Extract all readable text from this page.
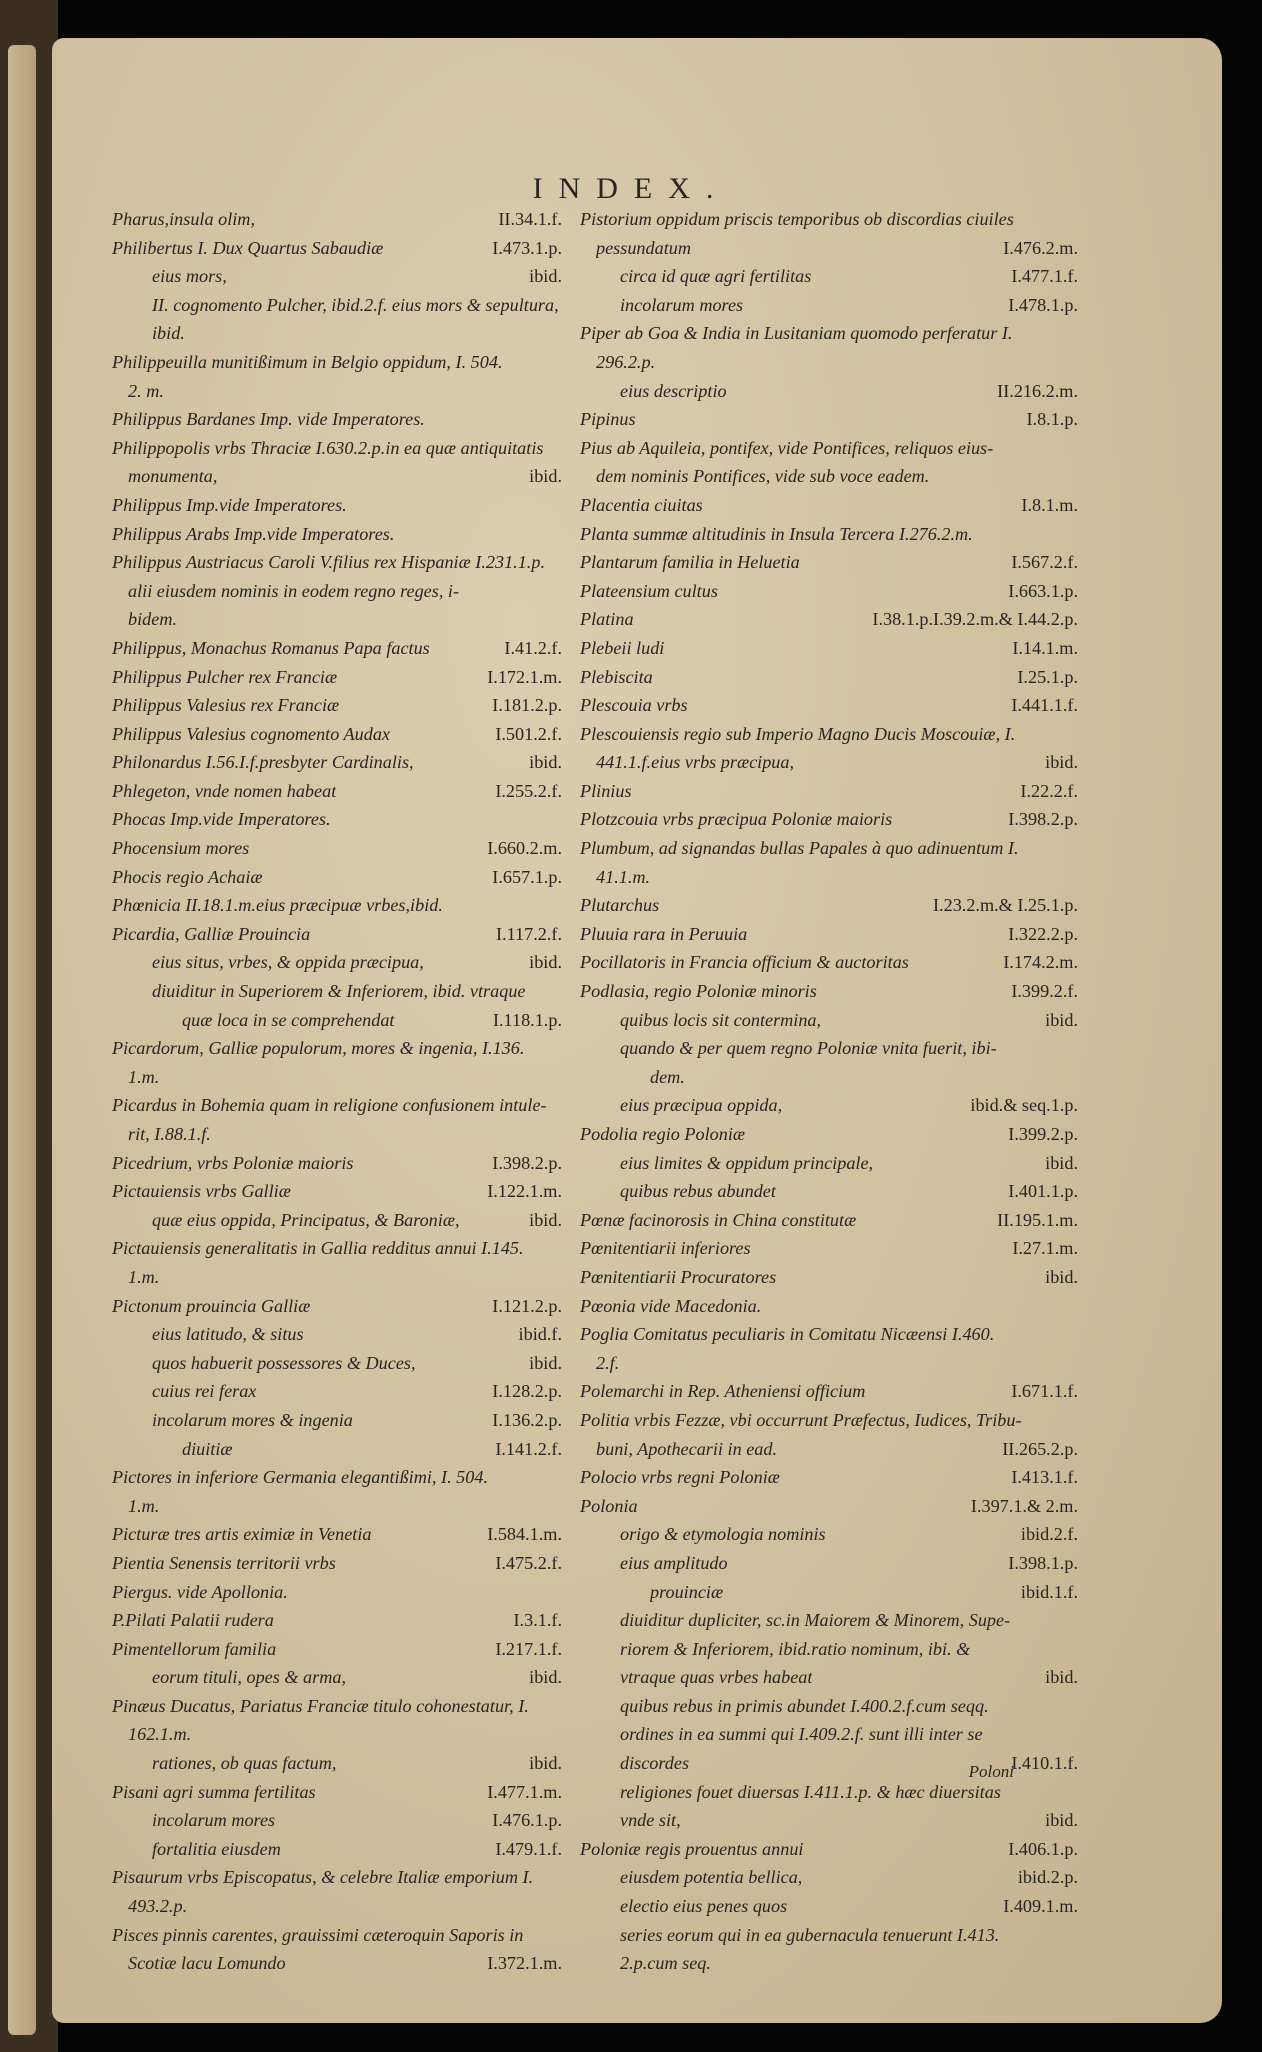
INDEX.
Pharus,insula olim,	II.34.1.f.
Philibertus I. Dux Quartus Sabaudiæ	I.473.1.p.
eius mors,	ibid.
II. cognomento Pulcher, ibid.2.f. eius mors & sepultura,
ibid.
Philippeuilla munitißimum in Belgio oppidum, I. 504.
2. m.
Philippus Bardanes Imp. vide Imperatores.
Philippopolis vrbs Thraciæ I.630.2.p.in ea quæ antiquitatis
monumenta,	ibid.
Philippus Imp.vide Imperatores.
Philippus Arabs Imp.vide Imperatores.
Philippus Austriacus Caroli V.filius rex Hispaniæ I.231.1.p.
alii eiusdem nominis in eodem regno reges, i-
bidem.
Philippus, Monachus Romanus Papa factus	I.41.2.f.
Philippus Pulcher rex Franciæ	I.172.1.m.
Philippus Valesius rex Franciæ	I.181.2.p.
Philippus Valesius cognomento Audax	I.501.2.f.
Philonardus I.56.I.f.presbyter Cardinalis,	ibid.
Phlegeton, vnde nomen habeat	I.255.2.f.
Phocas Imp.vide Imperatores.
Phocensium mores	I.660.2.m.
Phocis regio Achaiæ	I.657.1.p.
Phœnicia II.18.1.m.eius præcipuæ vrbes,ibid.
Picardia, Galliæ Prouincia	I.117.2.f.
eius situs, vrbes, & oppida præcipua,	ibid.
diuiditur in Superiorem & Inferiorem, ibid. vtraque
quæ loca in se comprehendat	I.118.1.p.
Picardorum, Galliæ populorum, mores & ingenia, I.136.
1.m.
Picardus in Bohemia quam in religione confusionem intule-
rit, I.88.1.f.
Picedrium, vrbs Poloniæ maioris	I.398.2.p.
Pictauiensis vrbs Galliæ	I.122.1.m.
quæ eius oppida, Principatus, & Baroniæ,	ibid.
Pictauiensis generalitatis in Gallia redditus annui I.145.
1.m.
Pictonum prouincia Galliæ	I.121.2.p.
eius latitudo, & situs	ibid.f.
quos habuerit possessores & Duces,	ibid.
cuius rei ferax	I.128.2.p.
incolarum mores & ingenia	I.136.2.p.
diuitiæ	I.141.2.f.
Pictores in inferiore Germania elegantißimi, I. 504.
1.m.
Picturæ tres artis eximiæ in Venetia	I.584.1.m.
Pientia Senensis territorii vrbs	I.475.2.f.
Piergus. vide Apollonia.
P.Pilati Palatii rudera	I.3.1.f.
Pimentellorum familia	I.217.1.f.
eorum tituli, opes & arma,	ibid.
Pinæus Ducatus, Pariatus Franciæ titulo cohonestatur, I.
162.1.m.
rationes, ob quas factum,	ibid.
Pisani agri summa fertilitas	I.477.1.m.
incolarum mores	I.476.1.p.
fortalitia eiusdem	I.479.1.f.
Pisaurum vrbs Episcopatus, & celebre Italiæ emporium I.
493.2.p.
Pisces pinnis carentes, grauissimi cæteroquin Saporis in
Scotiæ lacu Lomundo	I.372.1.m.
Pistorium oppidum priscis temporibus ob discordias ciuiles
pessundatum	I.476.2.m.
circa id quæ agri fertilitas	I.477.1.f.
incolarum mores	I.478.1.p.
Piper ab Goa & India in Lusitaniam quomodo perferatur I.
296.2.p.
eius descriptio	II.216.2.m.
Pipinus	I.8.1.p.
Pius ab Aquileia, pontifex, vide Pontifices, reliquos eius-
dem nominis Pontifices, vide sub voce eadem.
Placentia ciuitas	I.8.1.m.
Planta summæ altitudinis in Insula Tercera I.276.2.m.
Plantarum familia in Heluetia	I.567.2.f.
Plateensium cultus	I.663.1.p.
Platina	I.38.1.p.I.39.2.m.& I.44.2.p.
Plebeii ludi	I.14.1.m.
Plebiscita	I.25.1.p.
Plescouia vrbs	I.441.1.f.
Plescouiensis regio sub Imperio Magno Ducis Moscouiæ, I.
441.1.f.eius vrbs præcipua,	ibid.
Plinius	I.22.2.f.
Plotzcouia vrbs præcipua Poloniæ maioris	I.398.2.p.
Plumbum, ad signandas bullas Papales à quo adinuentum I.
41.1.m.
Plutarchus	I.23.2.m.& I.25.1.p.
Pluuia rara in Peruuia	I.322.2.p.
Pocillatoris in Francia officium & auctoritas	I.174.2.m.
Podlasia, regio Poloniæ minoris	I.399.2.f.
quibus locis sit contermina,	ibid.
quando & per quem regno Poloniæ vnita fuerit, ibi-
dem.
eius præcipua oppida,	ibid.& seq.1.p.
Podolia regio Poloniæ	I.399.2.p.
eius limites & oppidum principale,	ibid.
quibus rebus abundet	I.401.1.p.
Pœnæ facinorosis in China constitutæ	II.195.1.m.
Pœnitentiarii inferiores	I.27.1.m.
Pœnitentiarii Procuratores	ibid.
Pœonia vide Macedonia.
Poglia Comitatus peculiaris in Comitatu Nicæensi I.460.
2.f.
Polemarchi in Rep. Atheniensi officium	I.671.1.f.
Politia vrbis Fezzæ, vbi occurrunt Præfectus, Iudices, Tribu-
buni, Apothecarii in ead.	II.265.2.p.
Polocio vrbs regni Poloniæ	I.413.1.f.
Polonia	I.397.1.& 2.m.
origo & etymologia nominis	ibid.2.f.
eius amplitudo	I.398.1.p.
prouinciæ	ibid.1.f.
diuiditur dupliciter, sc.in Maiorem & Minorem, Supe-
riorem & Inferiorem, ibid.ratio nominum, ibi. &
vtraque quas vrbes habeat	ibid.
quibus rebus in primis abundet I.400.2.f.cum seqq.
ordines in ea summi qui I.409.2.f. sunt illi inter se
discordes	I.410.1.f.
religiones fouet diuersas I.411.1.p. & hæc diuersitas
vnde sit,	ibid.
Poloniæ regis prouentus annui	I.406.1.p.
eiusdem potentia bellica,	ibid.2.p.
electio eius penes quos	I.409.1.m.
series eorum qui in ea gubernacula tenuerunt I.413.
2.p.cum seq.
Poloni
